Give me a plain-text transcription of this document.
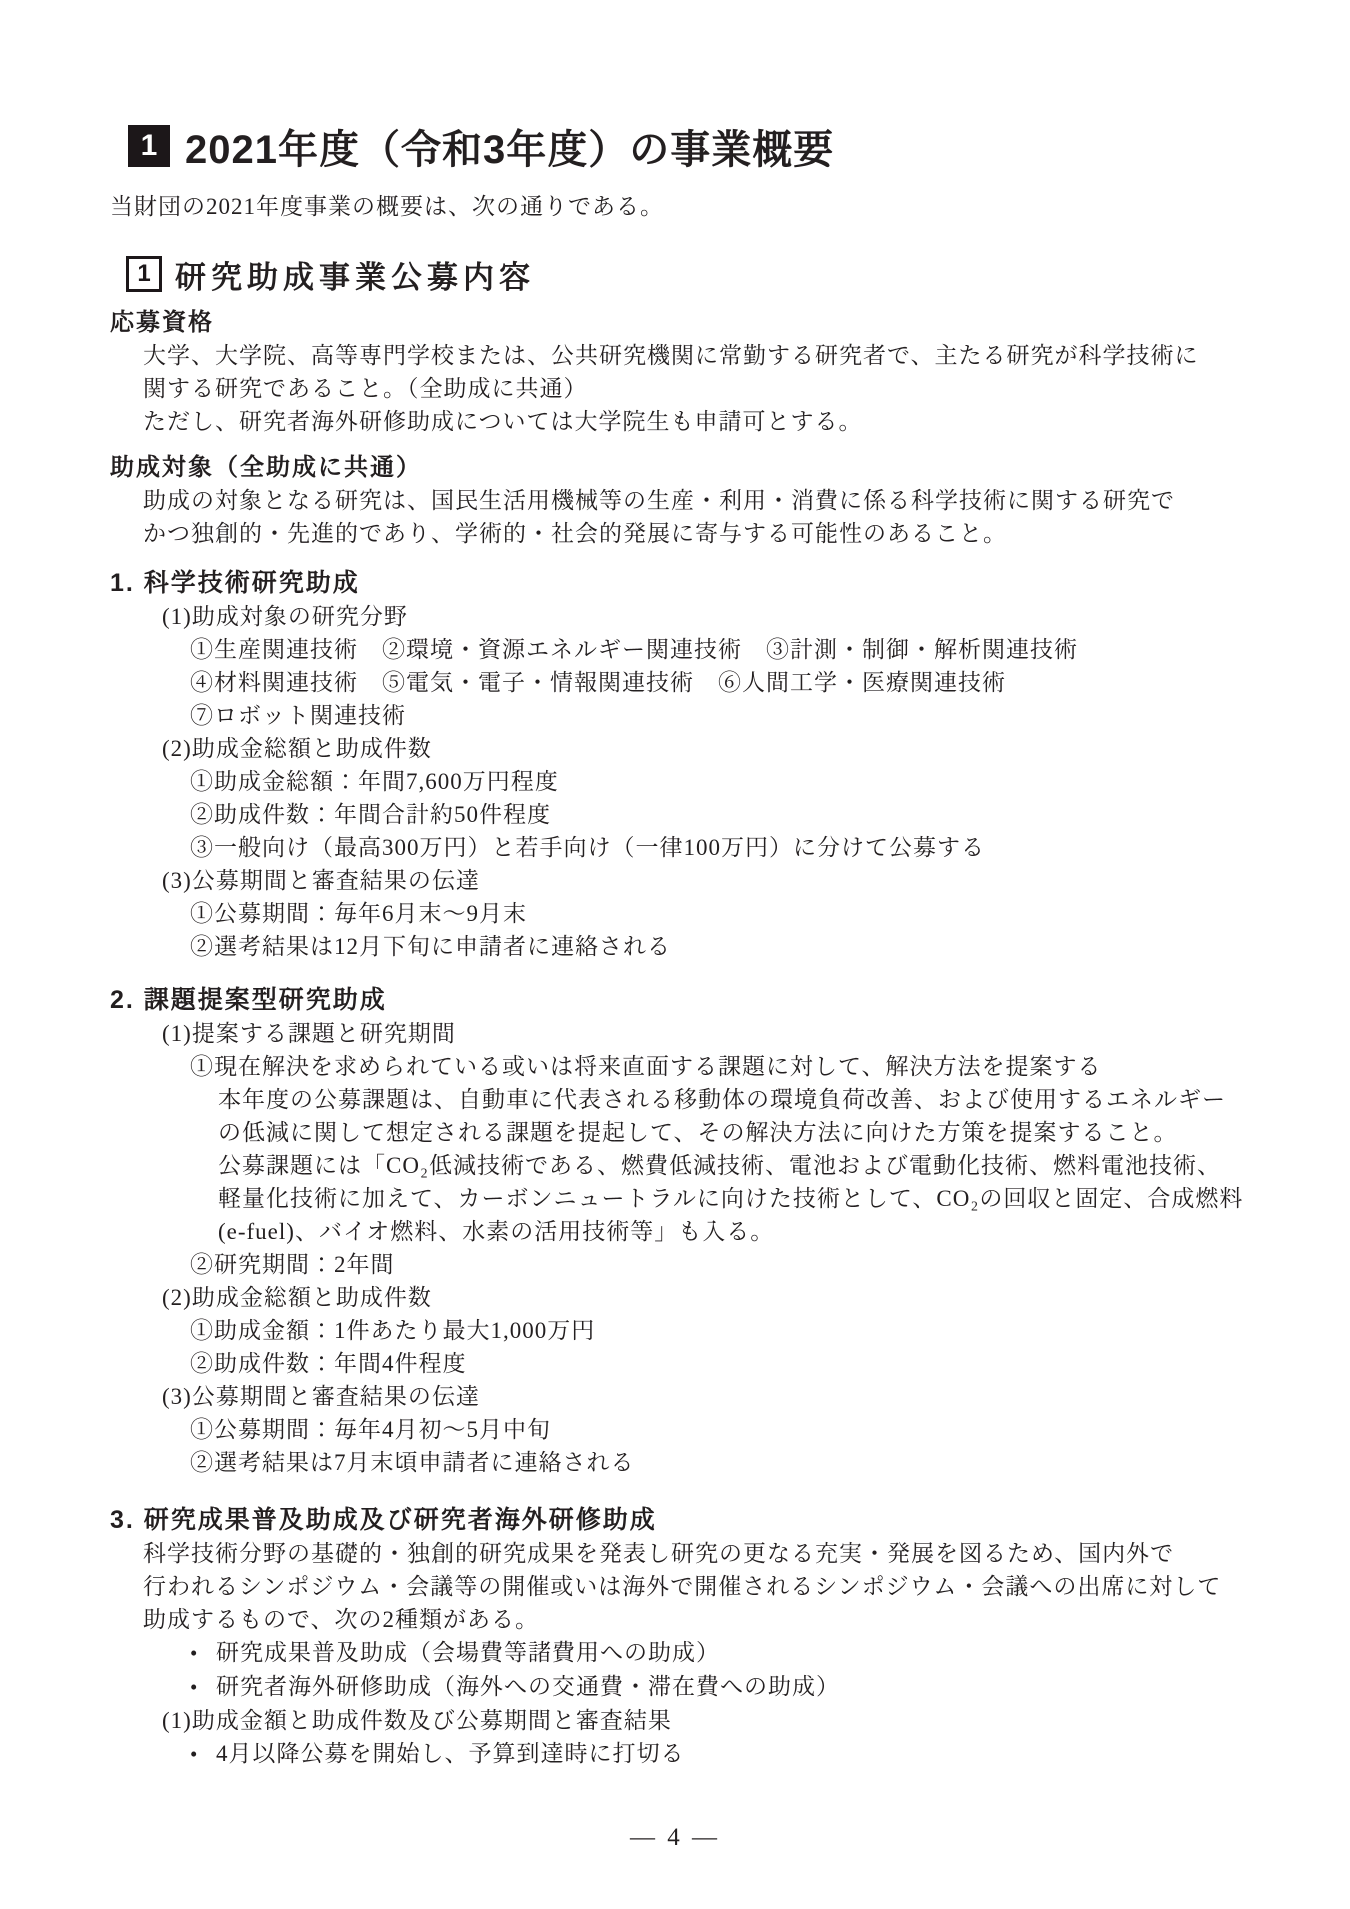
1 2021年度（令和3年度）の事業概要

当財団の2021年度事業の概要は、次の通りである。

1 研究助成事業公募内容
応募資格
大学、大学院、高等専門学校または、公共研究機関に常勤する研究者で、主たる研究が科学技術に
関する研究であること。（全助成に共通）
ただし、研究者海外研修助成については大学院生も申請可とする。
助成対象（全助成に共通）
助成の対象となる研究は、国民生活用機械等の生産・利用・消費に係る科学技術に関する研究で
かつ独創的・先進的であり、学術的・社会的発展に寄与する可能性のあること。
1. 科学技術研究助成
(1)助成対象の研究分野
①生産関連技術　②環境・資源エネルギー関連技術　③計測・制御・解析関連技術
④材料関連技術　⑤電気・電子・情報関連技術　⑥人間工学・医療関連技術
⑦ロボット関連技術
(2)助成金総額と助成件数
①助成金総額：年間7,600万円程度
②助成件数：年間合計約50件程度
③一般向け（最高300万円）と若手向け（一律100万円）に分けて公募する
(3)公募期間と審査結果の伝達
①公募期間：毎年6月末～9月末
②選考結果は12月下旬に申請者に連絡される
2. 課題提案型研究助成
(1)提案する課題と研究期間
①現在解決を求められている或いは将来直面する課題に対して、解決方法を提案する
本年度の公募課題は、自動車に代表される移動体の環境負荷改善、および使用するエネルギー
の低減に関して想定される課題を提起して、その解決方法に向けた方策を提案すること。
公募課題には「CO₂低減技術である、燃費低減技術、電池および電動化技術、燃料電池技術、
軽量化技術に加えて、カーボンニュートラルに向けた技術として、CO₂の回収と固定、合成燃料
(e-fuel)、バイオ燃料、水素の活用技術等」も入る。
②研究期間：2年間
(2)助成金総額と助成件数
①助成金額：1件あたり最大1,000万円
②助成件数：年間4件程度
(3)公募期間と審査結果の伝達
①公募期間：毎年4月初～5月中旬
②選考結果は7月末頃申請者に連絡される
3. 研究成果普及助成及び研究者海外研修助成
科学技術分野の基礎的・独創的研究成果を発表し研究の更なる充実・発展を図るため、国内外で
行われるシンポジウム・会議等の開催或いは海外で開催されるシンポジウム・会議への出席に対して
助成するもので、次の2種類がある。
• 研究成果普及助成（会場費等諸費用への助成）
• 研究者海外研修助成（海外への交通費・滞在費への助成）
(1)助成金額と助成件数及び公募期間と審査結果
• 4月以降公募を開始し、予算到達時に打切る
— 4 —
